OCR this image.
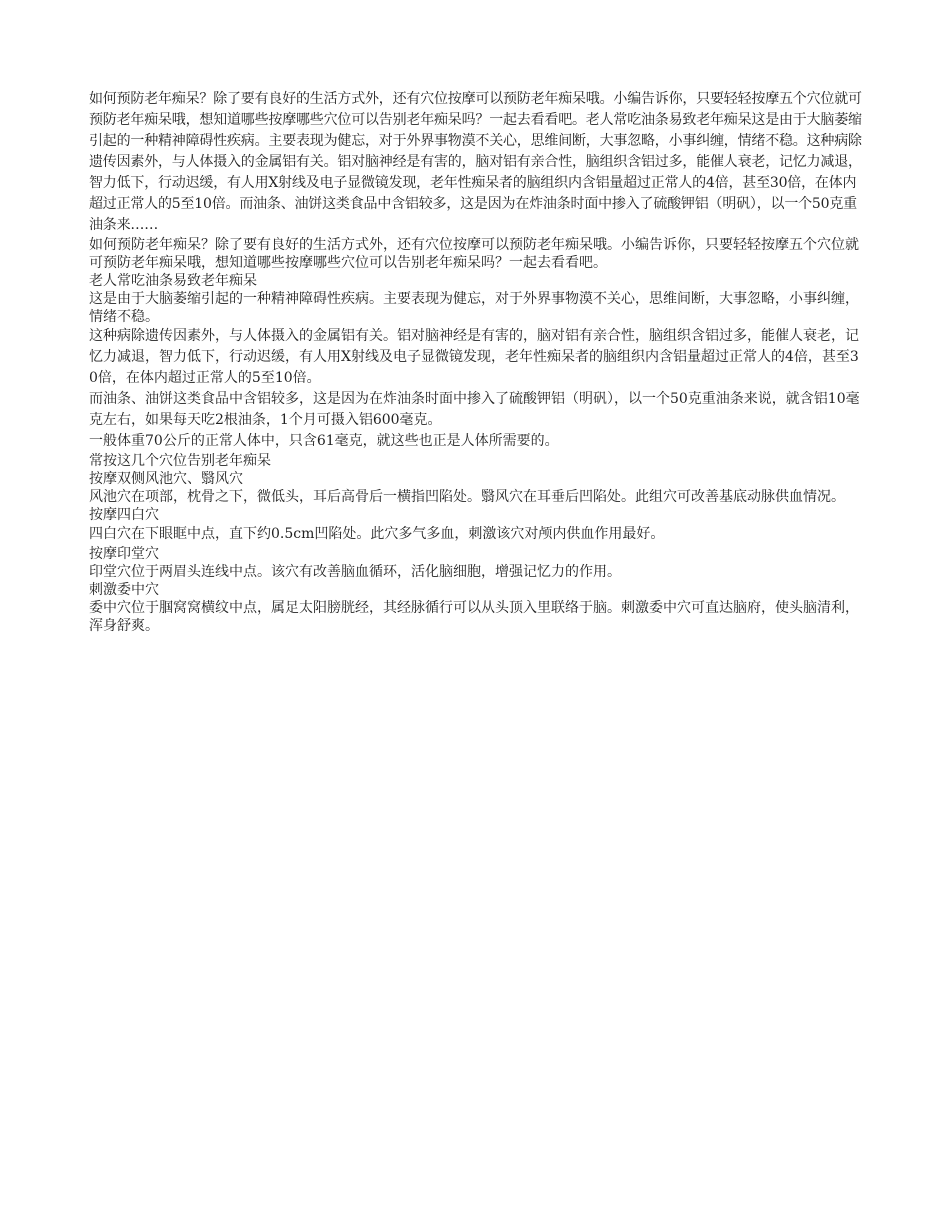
如何预防老年痴呆？除了要有良好的生活方式外，还有穴位按摩可以预防老年痴呆哦。小编告诉你，只要轻轻按摩五个穴位就可预防老年痴呆哦，想知道哪些按摩哪些穴位可以告别老年痴呆吗？一起去看看吧。老人常吃油条易致老年痴呆这是由于大脑萎缩引起的一种精神障碍性疾病。主要表现为健忘，对于外界事物漠不关心，思维间断，大事忽略，小事纠缠，情绪不稳。这种病除遗传因素外，与人体摄入的金属铝有关。铝对脑神经是有害的，脑对铝有亲合性，脑组织含铝过多，能催人衰老，记忆力减退，智力低下，行动迟缓，有人用X射线及电子显微镜发现，老年性痴呆者的脑组织内含铝量超过正常人的4倍，甚至30倍，在体内超过正常人的5至10倍。而油条、油饼这类食品中含铝较多，这是因为在炸油条时面中掺入了硫酸钾铝（明矾），以一个50克重油条来……

如何预防老年痴呆？除了要有良好的生活方式外，还有穴位按摩可以预防老年痴呆哦。小编告诉你，只要轻轻按摩五个穴位就可预防老年痴呆哦，想知道哪些按摩哪些穴位可以告别老年痴呆吗？一起去看看吧。

老人常吃油条易致老年痴呆

这是由于大脑萎缩引起的一种精神障碍性疾病。主要表现为健忘，对于外界事物漠不关心，思维间断，大事忽略，小事纠缠，情绪不稳。

这种病除遗传因素外，与人体摄入的金属铝有关。铝对脑神经是有害的，脑对铝有亲合性，脑组织含铝过多，能催人衰老，记忆力减退，智力低下，行动迟缓，有人用X射线及电子显微镜发现，老年性痴呆者的脑组织内含铝量超过正常人的4倍，甚至30倍，在体内超过正常人的5至10倍。

而油条、油饼这类食品中含铝较多，这是因为在炸油条时面中掺入了硫酸钾铝（明矾），以一个50克重油条来说，就含铝10毫克左右，如果每天吃2根油条，1个月可摄入铝600毫克。

一般体重70公斤的正常人体中，只含61毫克，就这些也正是人体所需要的。

常按这几个穴位告别老年痴呆

按摩双侧风池穴、翳风穴

风池穴在项部，枕骨之下，微低头，耳后高骨后一横指凹陷处。翳风穴在耳垂后凹陷处。此组穴可改善基底动脉供血情况。

按摩四白穴

四白穴在下眼眶中点，直下约0.5cm凹陷处。此穴多气多血，刺激该穴对颅内供血作用最好。

按摩印堂穴

印堂穴位于两眉头连线中点。该穴有改善脑血循环，活化脑细胞，增强记忆力的作用。

刺激委中穴

委中穴位于腘窝窝横纹中点，属足太阳膀胱经，其经脉循行可以从头顶入里联络于脑。刺激委中穴可直达脑府，使头脑清利，浑身舒爽。
